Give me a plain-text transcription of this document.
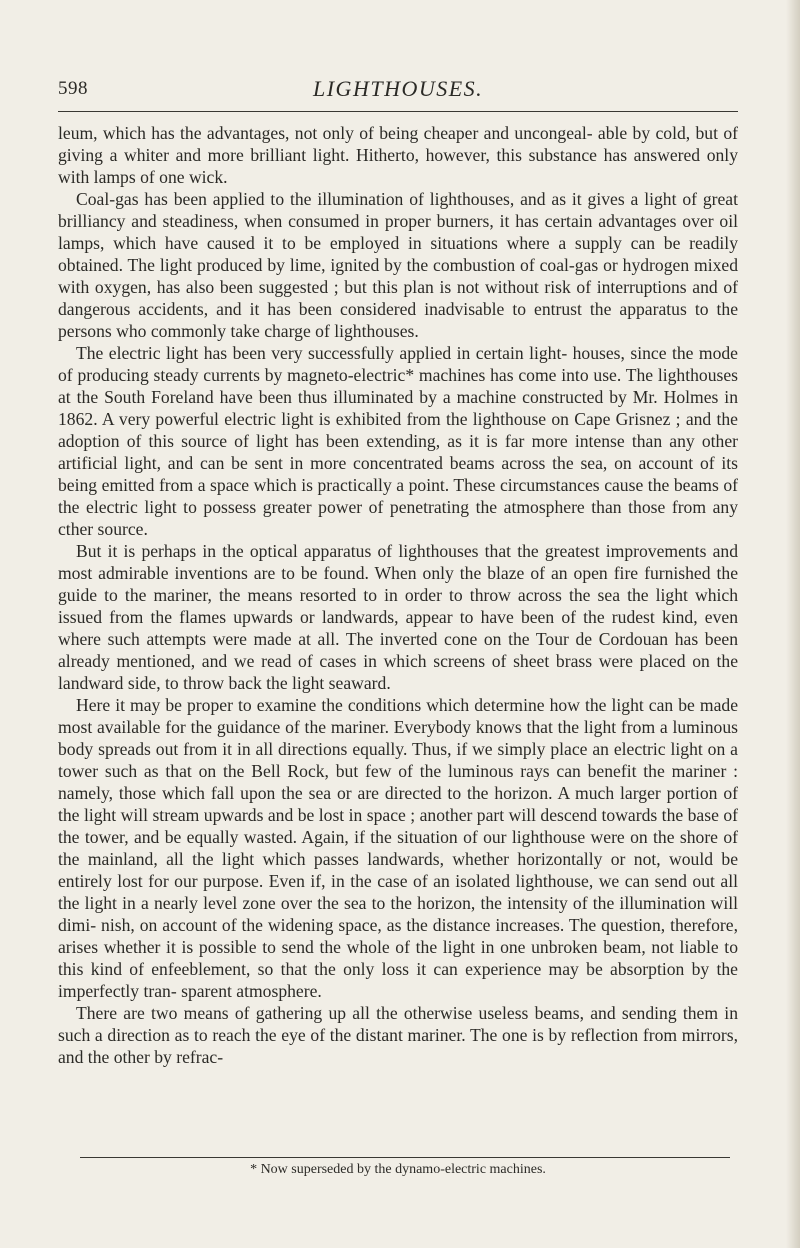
598	LIGHTHOUSES.

leum, which has the advantages, not only of being cheaper and uncongeal- able by cold, but of giving a whiter and more brilliant light. Hitherto, however, this substance has answered only with lamps of one wick.

Coal-gas has been applied to the illumination of lighthouses, and as it gives a light of great brilliancy and steadiness, when consumed in proper burners, it has certain advantages over oil lamps, which have caused it to be employed in situations where a supply can be readily obtained. The light produced by lime, ignited by the combustion of coal-gas or hydrogen mixed with oxygen, has also been suggested ; but this plan is not without risk of interruptions and of dangerous accidents, and it has been considered inadvisable to entrust the apparatus to the persons who commonly take charge of lighthouses.

The electric light has been very successfully applied in certain light- houses, since the mode of producing steady currents by magneto-electric* machines has come into use. The lighthouses at the South Foreland have been thus illuminated by a machine constructed by Mr. Holmes in 1862. A very powerful electric light is exhibited from the lighthouse on Cape Grisnez ; and the adoption of this source of light has been extending, as it is far more intense than any other artificial light, and can be sent in more concentrated beams across the sea, on account of its being emitted from a space which is practically a point. These circumstances cause the beams of the electric light to possess greater power of penetrating the atmosphere than those from any cther source.

But it is perhaps in the optical apparatus of lighthouses that the greatest improvements and most admirable inventions are to be found. When only the blaze of an open fire furnished the guide to the mariner, the means resorted to in order to throw across the sea the light which issued from the flames upwards or landwards, appear to have been of the rudest kind, even where such attempts were made at all. The inverted cone on the Tour de Cordouan has been already mentioned, and we read of cases in which screens of sheet brass were placed on the landward side, to throw back the light seaward.

Here it may be proper to examine the conditions which determine how the light can be made most available for the guidance of the mariner. Everybody knows that the light from a luminous body spreads out from it in all directions equally. Thus, if we simply place an electric light on a tower such as that on the Bell Rock, but few of the luminous rays can benefit the mariner : namely, those which fall upon the sea or are directed to the horizon. A much larger portion of the light will stream upwards and be lost in space ; another part will descend towards the base of the tower, and be equally wasted. Again, if the situation of our lighthouse were on the shore of the mainland, all the light which passes landwards, whether horizontally or not, would be entirely lost for our purpose. Even if, in the case of an isolated lighthouse, we can send out all the light in a nearly level zone over the sea to the horizon, the intensity of the illumination will dimi- nish, on account of the widening space, as the distance increases. The question, therefore, arises whether it is possible to send the whole of the light in one unbroken beam, not liable to this kind of enfeeblement, so that the only loss it can experience may be absorption by the imperfectly tran- sparent atmosphere.

There are two means of gathering up all the otherwise useless beams, and sending them in such a direction as to reach the eye of the distant mariner. The one is by reflection from mirrors, and the other by refrac-

* Now superseded by the dynamo-electric machines.
